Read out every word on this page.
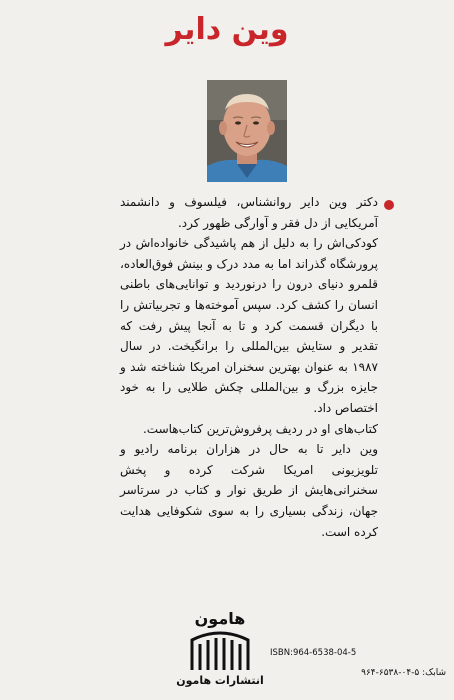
وین دایر

دکتر وین دایر روانشناس، فیلسوف و دانشمند آمریکایی از دل فقر و آوارگی ظهور کرد.

کودکی‌اش را به دلیل از هم پاشیدگی خانواده‌اش در پرورشگاه گذراند اما به مدد درک و بینش فوق‌العاده، قلمرو دنیای درون را درنوردید و توانایی‌های باطنی انسان را کشف کرد. سپس آموخته‌ها و تجربیاتش را با دیگران قسمت کرد و تا به آنجا پیش رفت که تقدیر و ستایش بین‌المللی را برانگیخت. در سال ۱۹۸۷ به عنوان بهترین سخنران امریکا شناخته شد و جایزه بزرگ و بین‌المللی چکش طلایی را به خود اختصاص داد.

کتاب‌های او در ردیف پرفروش‌ترین کتاب‌هاست.

وین دایر تا به حال در هزاران برنامه رادیو و تلویزیونی امریکا شرکت کرده و پخش سخنرانی‌هایش از طریق نوار و کتاب در سرتاسر جهان، زندگی بسیاری را به سوی شکوفایی هدایت کرده است.

هامون
انتشارات هامون
ISBN:964-6538-04-5
شابک: ۵-۰۴-۶۵۳۸-۹۶۴
